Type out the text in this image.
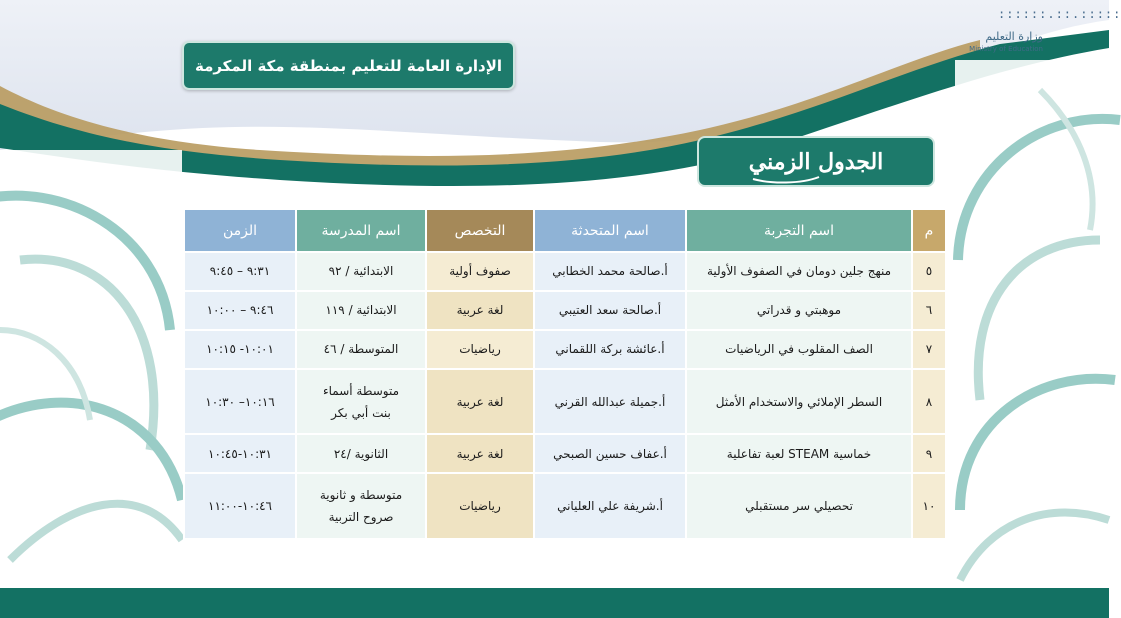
::::::.::.:::::
وزارة التعليم
Ministry of Education
الإدارة العامة للتعليم بمنطقة مكة المكرمة
الجدول الزمني
م	اسم التجربة	اسم المتحدثة	التخصص	اسم المدرسة	الزمن
٥	منهج جلين دومان في الصفوف الأولية	أ.صالحة محمد الخطابي	صفوف أولية	الابتدائية / ٩٢	٩:٣١ – ٩:٤٥
٦	موهبتي و قدراتي	أ.صالحة سعد العتيبي	لغة عربية	الابتدائية / ١١٩	٩:٤٦ – ١٠:٠٠
٧	الصف المقلوب في الرياضيات	أ.عائشة بركة اللقماني	رياضيات	المتوسطة / ٤٦	١٠:٠١- ١٠:١٥
٨	السطر الإملائي والاستخدام الأمثل	أ.جميلة عبدالله القرني	لغة عربية	متوسطة أسماء
بنت أبي بكر	١٠:١٦– ١٠:٣٠
٩	خماسية STEAM لعبة تفاعلية	أ.عفاف حسين الصبحي	لغة عربية	الثانوية /٢٤	١٠:٣١-١٠:٤٥
١٠	تحصيلي سر مستقبلي	أ.شريفة علي العلياني	رياضيات	متوسطة و ثانوية
صروح التربية	١٠:٤٦-١١:٠٠
